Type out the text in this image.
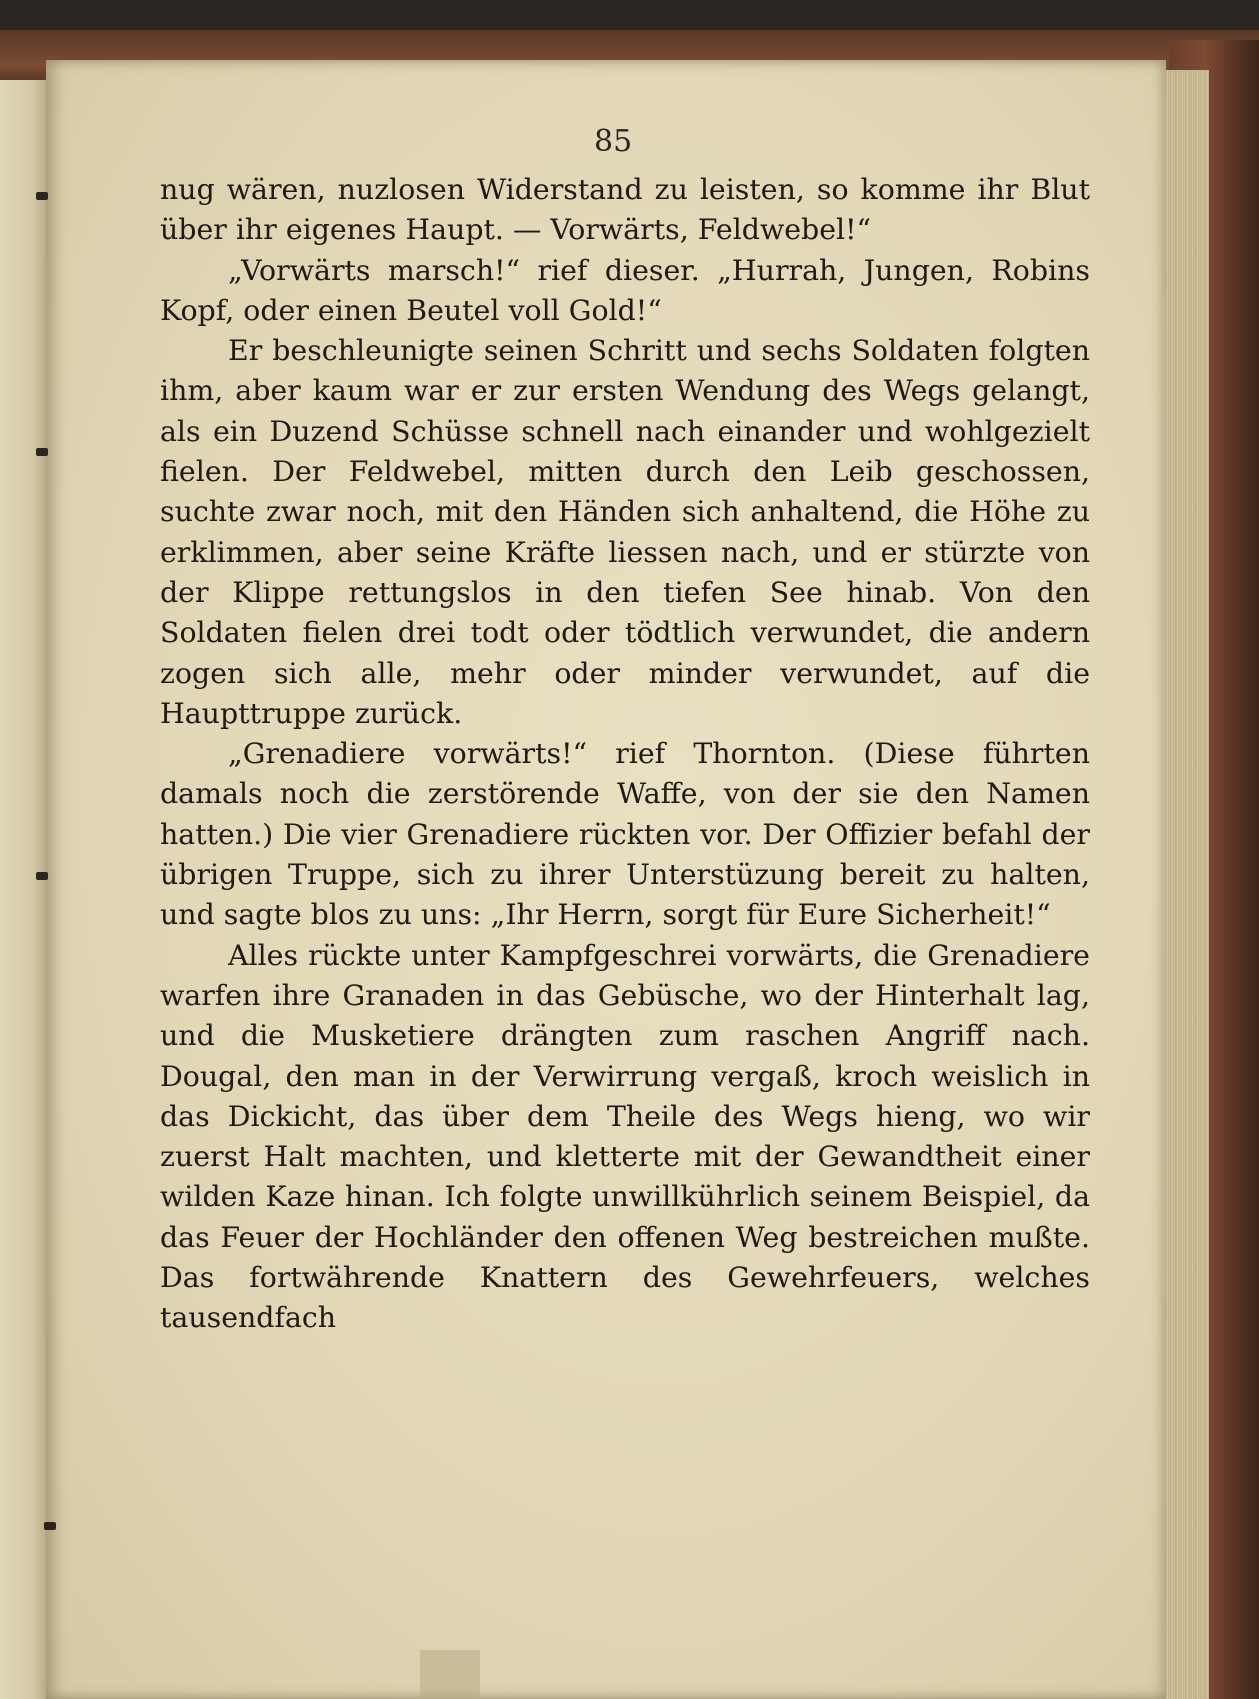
85

nug wären, nuzlosen Widerstand zu leisten, so komme ihr Blut über ihr eigenes Haupt. — Vorwärts, Feldwebel!“

„Vorwärts marsch!“ rief dieser. „Hurrah, Jungen, Robins Kopf, oder einen Beutel voll Gold!“

Er beschleunigte seinen Schritt und sechs Soldaten folgten ihm, aber kaum war er zur ersten Wendung des Wegs gelangt, als ein Duzend Schüsse schnell nach einander und wohlgezielt fielen. Der Feldwebel, mitten durch den Leib geschossen, suchte zwar noch, mit den Händen sich anhaltend, die Höhe zu erklimmen, aber seine Kräfte liessen nach, und er stürzte von der Klippe rettungslos in den tiefen See hinab. Von den Soldaten fielen drei todt oder tödtlich verwundet, die andern zogen sich alle, mehr oder minder verwundet, auf die Haupttruppe zurück.

„Grenadiere vorwärts!“ rief Thornton. (Diese führten damals noch die zerstörende Waffe, von der sie den Namen hatten.) Die vier Grenadiere rückten vor. Der Offizier befahl der übrigen Truppe, sich zu ihrer Unterstüzung bereit zu halten, und sagte blos zu uns: „Ihr Herrn, sorgt für Eure Sicherheit!“

Alles rückte unter Kampfgeschrei vorwärts, die Grenadiere warfen ihre Granaden in das Gebüsche, wo der Hinterhalt lag, und die Musketiere drängten zum raschen Angriff nach. Dougal, den man in der Verwirrung vergaß, kroch weislich in das Dickicht, das über dem Theile des Wegs hieng, wo wir zuerst Halt machten, und kletterte mit der Gewandtheit einer wilden Kaze hinan. Ich folgte unwillkührlich seinem Beispiel, da das Feuer der Hochländer den offenen Weg bestreichen mußte. Das fortwährende Knattern des Gewehrfeuers, welches tausendfach
